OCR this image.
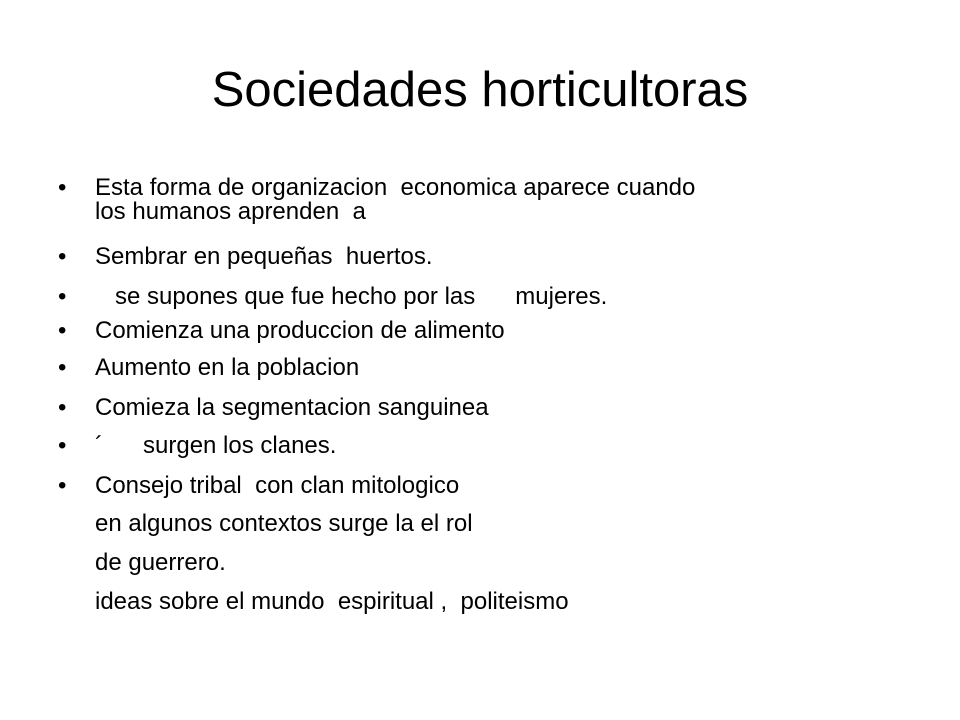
Sociedades horticultoras
• Esta forma de organizacion  economica aparece cuando
los humanos aprenden  a
• Sembrar en pequeñas  huertos.
• se supones que fue hecho por las      mujeres.
• Comienza una produccion de alimento
• Aumento en la poblacion
• Comieza la segmentacion sanguinea
• ´      surgen los clanes.
• Consejo tribal  con clan mitologico
en algunos contextos surge la el rol
de guerrero.
ideas sobre el mundo  espiritual ,  politeismo
